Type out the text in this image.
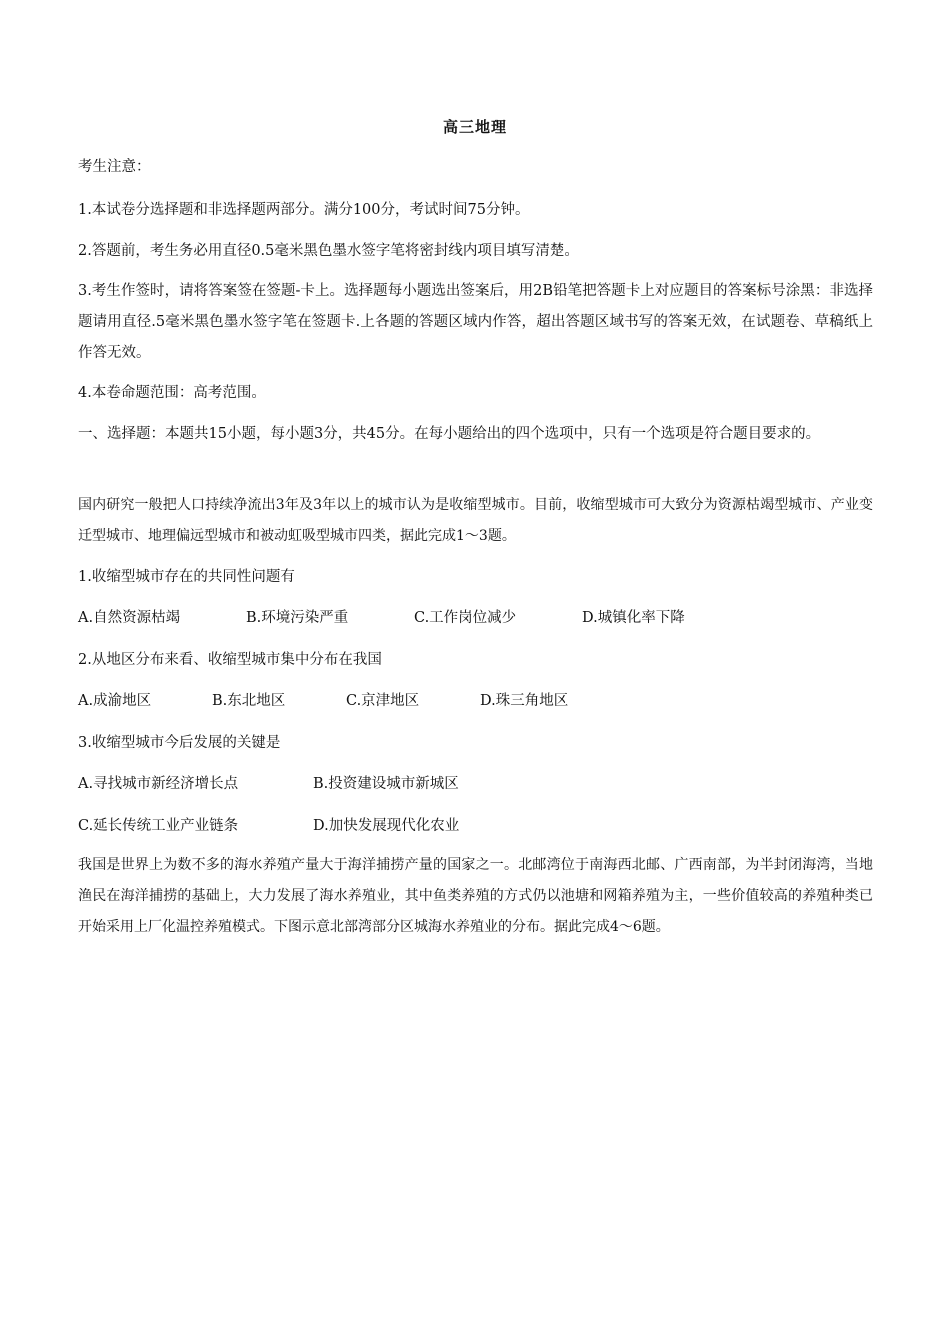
高三地理

考生注意：

1.本试卷分选择题和非选择题两部分。满分100分，考试时间75分钟。

2.答题前，考生务必用直径0.5毫米黑色墨水签字笔将密封线内项目填写清楚。

3.考生作签时，请将答案签在签题-卡上。选择题每小题选出签案后，用2B铅笔把答题卡上对应题目的答案标号涂黑：非选择题请用直径.5毫米黑色墨水签字笔在签题卡.上各题的答题区域内作答，超出答题区域书写的答案无效，在试题卷、草稿纸上作答无效。

4.本卷命题范围：高考范围。

一、选择题：本题共15小题，每小题3分，共45分。在每小题给出的四个选项中，只有一个选项是符合题目要求的。

国内研究一般把人口持续净流出3年及3年以上的城市认为是收缩型城市。目前，收缩型城市可大致分为资源枯竭型城市、产业变迁型城市、地理偏远型城市和被动虹吸型城市四类，据此完成1～3题。

1.收缩型城市存在的共同性问题有

A.自然资源枯竭	B.环境污染严重	C.工作岗位减少	D.城镇化率下降

2.从地区分布来看、收缩型城市集中分布在我国

A.成渝地区	B.东北地区	C.京津地区	D.珠三角地区

3.收缩型城市今后发展的关键是

A.寻找城市新经济增长点	B.投资建设城市新城区
C.延长传统工业产业链条	D.加快发展现代化农业

我国是世界上为数不多的海水养殖产量大于海洋捕捞产量的国家之一。北邮湾位于南海西北邮、广西南部，为半封闭海湾，当地渔民在海洋捕捞的基础上，大力发展了海水养殖业，其中鱼类养殖的方式仍以池塘和网箱养殖为主，一些价值较高的养殖种类已开始采用上厂化温控养殖模式。下图示意北部湾部分区城海水养殖业的分布。据此完成4～6题。
